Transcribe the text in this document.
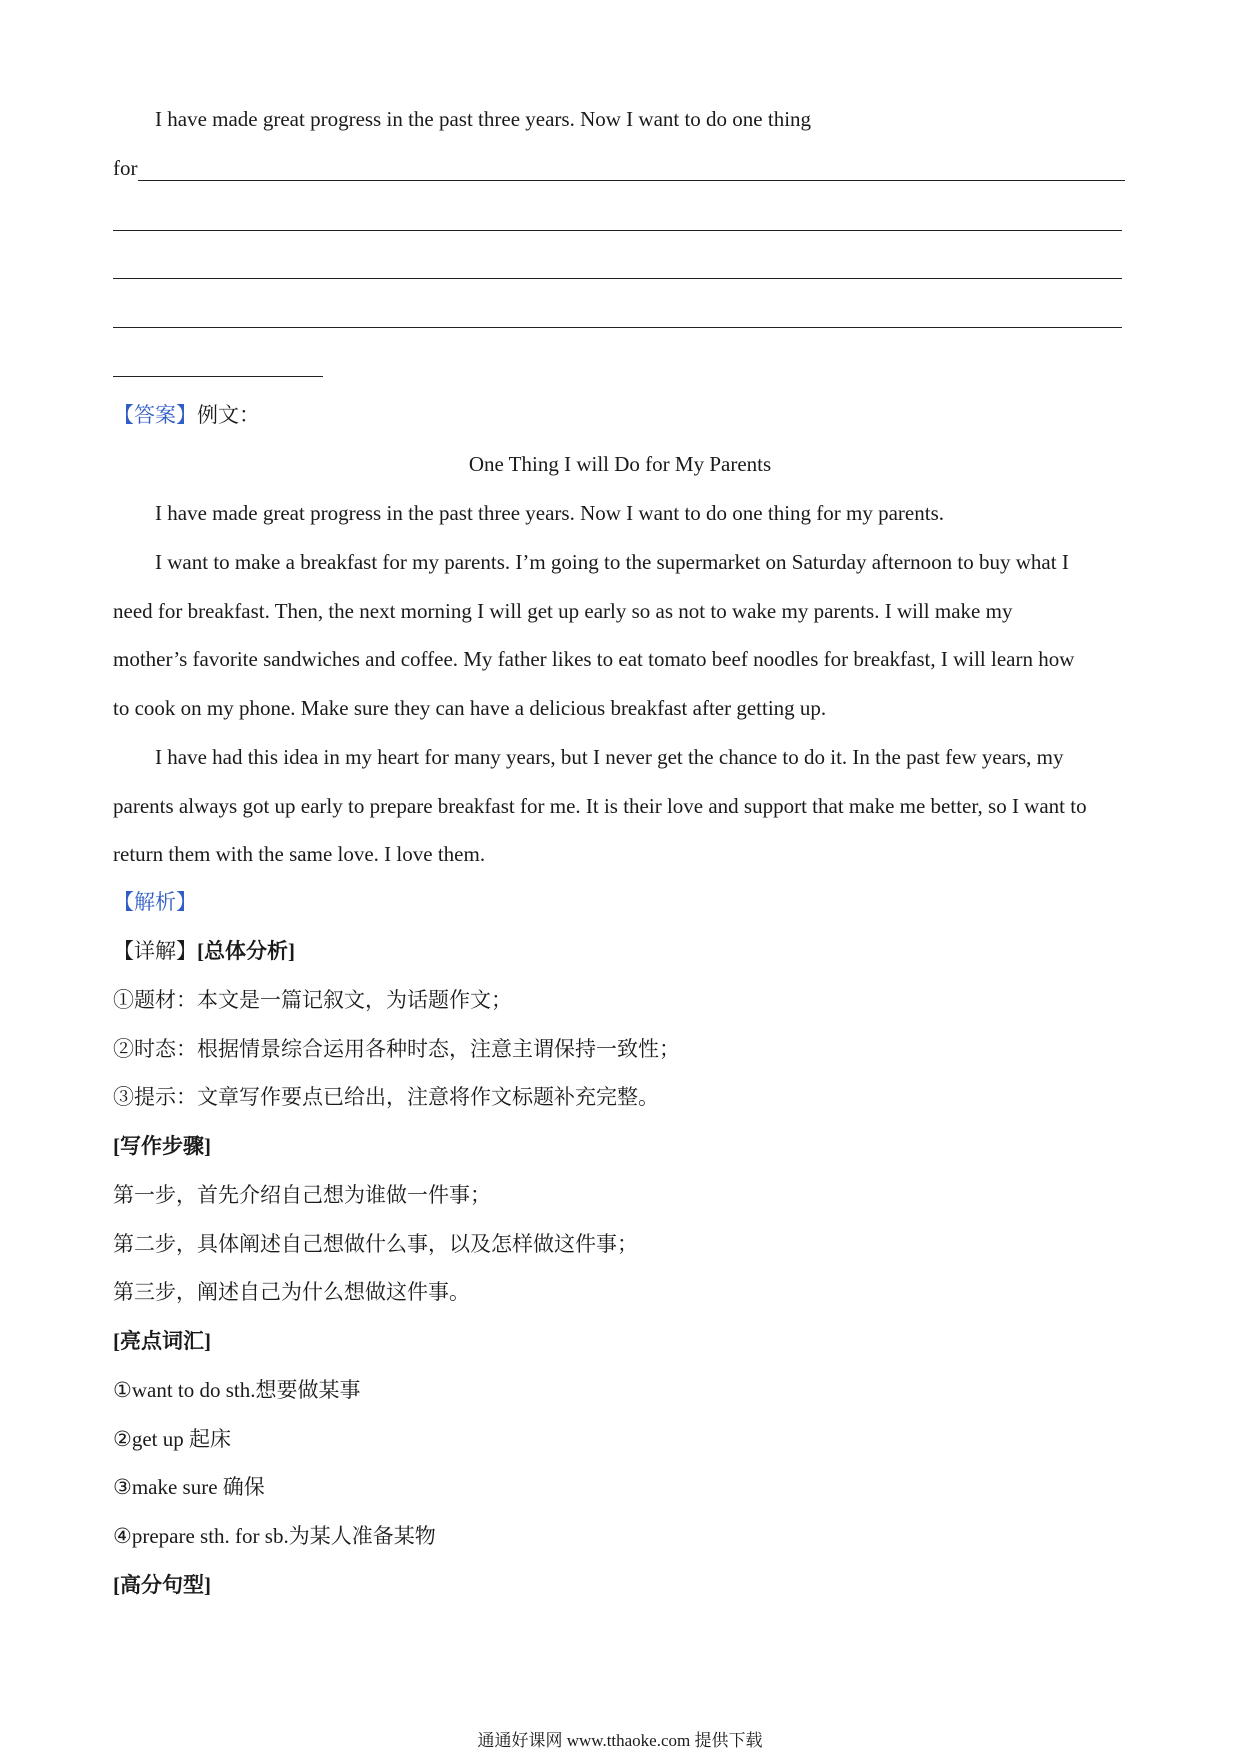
I have made great progress in the past three years. Now I want to do one thing
for
【答案】例文：
One Thing I will Do for My Parents
I have made great progress in the past three years. Now I want to do one thing for my parents.
I want to make a breakfast for my parents. I’m going to the supermarket on Saturday afternoon to buy what I
need for breakfast. Then, the next morning I will get up early so as not to wake my parents. I will make my
mother’s favorite sandwiches and coffee. My father likes to eat tomato beef noodles for breakfast, I will learn how
to cook on my phone. Make sure they can have a delicious breakfast after getting up.
I have had this idea in my heart for many years, but I never get the chance to do it. In the past few years, my
parents always got up early to prepare breakfast for me. It is their love and support that make me better, so I want to
return them with the same love. I love them.
【解析】
【详解】[总体分析]
①题材：本文是一篇记叙文，为话题作文；
②时态：根据情景综合运用各种时态，注意主谓保持一致性；
③提示：文章写作要点已给出，注意将作文标题补充完整。
[写作步骤]
第一步，首先介绍自己想为谁做一件事；
第二步，具体阐述自己想做什么事，以及怎样做这件事；
第三步，阐述自己为什么想做这件事。
[亮点词汇]
①want to do sth.想要做某事
②get up 起床
③make sure 确保
④prepare sth. for sb.为某人准备某物
[高分句型]
通通好课网 www.tthaoke.com 提供下载
